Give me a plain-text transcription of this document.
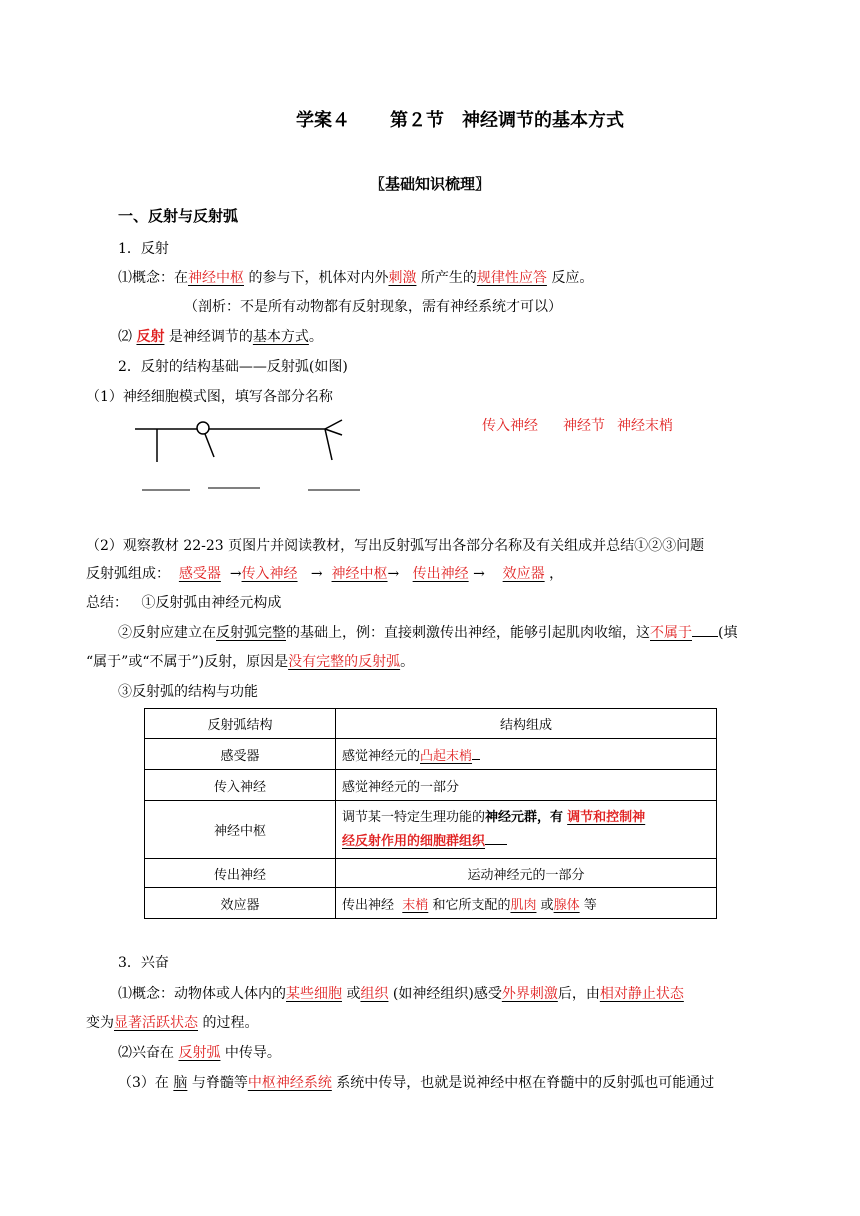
学案４ 第２节　神经调节的基本方式
〖基础知识梳理〗
一、反射与反射弧
1．反射
⑴概念：在神经中枢 的参与下，机体对内外刺激 所产生的规律性应答 反应。
（剖析：不是所有动物都有反射现象，需有神经系统才可以）
⑵ 反射 是神经调节的基本方式。
2．反射的结构基础——反射弧(如图)
（1）神经细胞模式图，填写各部分名称
传入神经 神经节 神经末梢
（2）观察教材 22-23 页图片并阅读教材，写出反射弧写出各部分名称及有关组成并总结①②③问题
反射弧组成： 感受器 →传入神经 → 神经中枢→ 传出神经 → 效应器 ，
总结： ①反射弧由神经元构成
②反射应建立在反射弧完整的基础上，例：直接刺激传出神经，能够引起肌肉收缩，这不属于 (填
“属于”或“不属于”)反射，原因是没有完整的反射弧。
③反射弧的结构与功能
反射弧结构	结构组成
感受器	感觉神经元的凸起末梢
传入神经	感觉神经元的一部分
神经中枢	调节某一特定生理功能的神经元群，有 调节和控制神
经反射作用的细胞群组织
传出神经	运动神经元的一部分
效应器	传出神经 末梢 和它所支配的肌肉 或腺体 等
3．兴奋
⑴概念：动物体或人体内的某些细胞 或组织 (如神经组织)感受外界刺激后，由相对静止状态
变为显著活跃状态 的过程。
⑵兴奋在 反射弧 中传导。
（3）在 脑 与脊髓等中枢神经系统 系统中传导，也就是说神经中枢在脊髓中的反射弧也可能通过
